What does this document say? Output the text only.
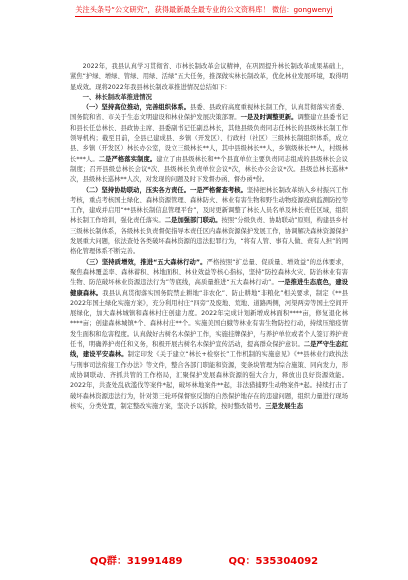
关注头条号“公文研究”，获得最新最全最专业的公文资料库！ 微信：gongwenyj

2022年，我县认真学习贯彻省、市林长制改革会议精神，在巩固提升林长制改革成果基础上，紧焦“护绿、增绿、管绿、用绿、活绿”五大任务，推深做实林长制改革，优化林业发展环境，取得明显成效。现将2022年我县林长制改革推进情况总结如下：

一、林长制改革推进情况

（一）坚持高位推动，完善组织体系。县委、县政府高度重视林长制工作，认真贯彻落实省委、国务院和省、市关于生态文明建设和林业保护发展决策部署。一是及时调整更新。调整建立县委书记和县长任总林长、县政协主席、县委副书记任副总林长，其他县级负责同志任林长的县级林长制工作领导机构；截至目前，全县已建成县、乡镇（开发区）、行政村（社区）三级林长制组织体系，成立县、乡镇（开发区）林长办公室，设立三级林长**人，其中县级林长**人，乡镇级林长**人，村级林长***人。二是严格落实制度。建立了由县级林长和**个县直单位主要负责同志组成的县级林长会议制度；召开县级总林长会议*次、县级林长负责单位会议*次，林长办公会议*次。县级总林长巡林*次，县级林长巡林**人次，对发现的问题及时下发督办函、督办函*份。

（二）坚持协助联动，压实各方责任。一是严格督查考核。坚持把林长制改革纳入乡村振兴工作考核，重点考核国土绿化、森林资源管理、森林防火、林业有害生物和野生动物疫源疫病监测防控等工作，建成并启用“**县林长制信息管理平台”，及时更新调整了林长人员名单及林长责任区域，组织林长制工作培训，强化责任落实。二是加强部门联动。按照“分级负责、协助联动”原则，构建县乡村三级林长制体系，各级林长负责督促指导本责任区内森林资源保护发展工作，协调解决森林资源保护发展重大问题，依法查处各类破坏森林资源的违法犯罪行为，“将有人管、事有人做、责有人担”的网格化管理体系不断完善。

（三）坚持质增效，推进“五大森林行动”。严格按照“扩总量、促质量、增效益”的总体要求，聚焦森林覆盖率、森林蓄积、林地面积、林业效益等核心指标，坚持“防控森林火灾、防治林业有害生物、防范破坏林业资源违法行为”等底线，高质量推进“五大森林行动”。一是推进生态底色，建设健康森林。我县认真贯彻落实国务院禁止耕地“非农化”、防止耕地“非粮化”相关要求，制定《**县2022年国土绿化实施方案》，充分利用村庄“四旁”及废地、荒地、道路两侧，河渠两旁等国土空间开展绿化，加大森林城镇和森林村庄创建力度。2022年完成计划新增成林面积****亩，修复退化林****亩；创建森林城镇*个、森林村庄**个。实施美国白蛾等林业有害生物防控行动，持续压缩疫情发生面积和危害程度。认真做好古树名木保护工作，实施挂牌保护，与养护单位或者个人签订养护责任书，明确养护责任和义务，积极开展古树名木保护宣传活动，提高群众保护意识。二是严守生态红线，建设平安森林。制定印发《关于建立“林长+检察长”工作机制的实施意见》《**县林业行政执法与刑事司法衔接工作办法》等文件，整合各部门职能和资源，变条块管理为综合施策、同向发力，形成协调联动、齐抓共管的工作格局，汇聚保护发展森林资源的强大合力，释放出良好资源效能。2022年，共查处乱砍滥伐等案件*起，破坏林地案件**起，非法猎捕野生动物案件*起。持续打击了破坏森林资源违法行为，针对第三轮环保督察反馈的自然保护地存在的违建问题，组织力量进行现场核实，分类处置，制定整改实施方案，坚决予以拆除，按时整改销号。三是发展生态

QQ群：31991489	QQ：535304092
